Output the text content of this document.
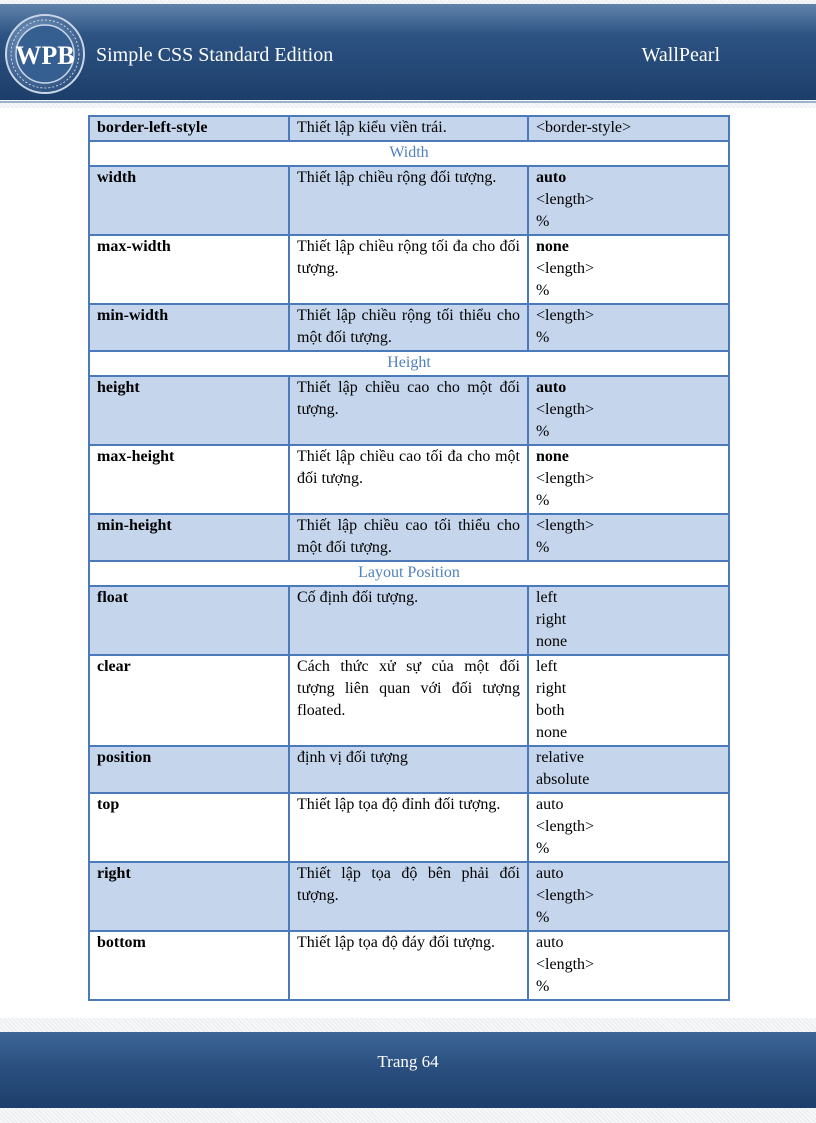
WPB Simple CSS Standard Edition	WallPearl
border-left-style	Thiết lập kiểu viền trái.	<border-style>

Width		
width	Thiết lập chiều rộng đối tượng.	auto
<length>
%

max-width	Thiết lập chiều rộng tối đa cho đối tượng.	none
<length>
%

min-width	Thiết lập chiều rộng tối thiểu cho một đối tượng.	<length>
%

Height		
height	Thiết lập chiều cao cho một đối tượng.	auto
<length>
%

max-height	Thiết lập chiều cao tối đa cho một đối tượng.	none
<length>
%

min-height	Thiết lập chiều cao tối thiểu cho một đối tượng.	<length>
%

Layout Position		
float	Cố định đối tượng.	left
right
none

clear	Cách thức xử sự của một đối tượng liên quan với đối tượng floated.	left
right
both
none

position	định vị đối tượng	relative
absolute

top	Thiết lập tọa độ đỉnh đối tượng.	auto
<length>
%

right	Thiết lập tọa độ bên phải đối tượng.	auto
<length>
%

bottom	Thiết lập tọa độ đáy đối tượng.	auto
<length>
%
Trang 64
